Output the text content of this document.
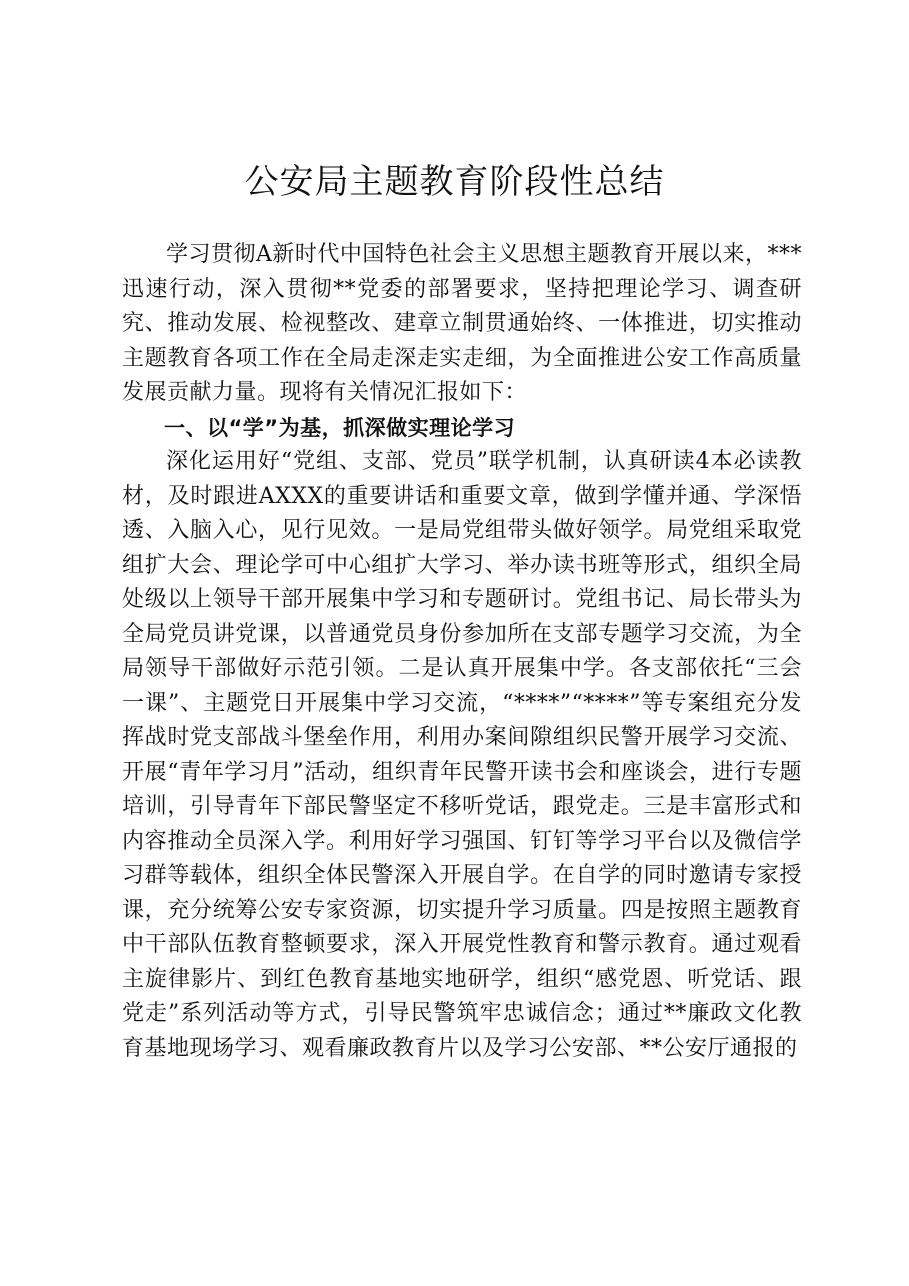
公安局主题教育阶段性总结

学习贯彻A新时代中国特色社会主义思想主题教育开展以来，***迅速行动，深入贯彻**党委的部署要求，坚持把理论学习、调查研究、推动发展、检视整改、建章立制贯通始终、一体推进，切实推动主题教育各项工作在全局走深走实走细，为全面推进公安工作高质量发展贡献力量。现将有关情况汇报如下：

一、以“学”为基，抓深做实理论学习

深化运用好“党组、支部、党员”联学机制，认真研读4本必读教材，及时跟进AXXX的重要讲话和重要文章，做到学懂并通、学深悟透、入脑入心，见行见效。一是局党组带头做好领学。局党组采取党组扩大会、理论学可中心组扩大学习、举办读书班等形式，组织全局处级以上领导干部开展集中学习和专题研讨。党组书记、局长带头为全局党员讲党课，以普通党员身份参加所在支部专题学习交流，为全局领导干部做好示范引领。二是认真开展集中学。各支部依托“三会一课”、主题党日开展集中学习交流，“****”“****”等专案组充分发挥战时党支部战斗堡垒作用，利用办案间隙组织民警开展学习交流、开展“青年学习月”活动，组织青年民警开读书会和座谈会，进行专题培训，引导青年下部民警坚定不移听党话，跟党走。三是丰富形式和内容推动全员深入学。利用好学习强国、钉钉等学习平台以及微信学习群等载体，组织全体民警深入开展自学。在自学的同时邀请专家授课，充分统筹公安专家资源，切实提升学习质量。四是按照主题教育中干部队伍教育整顿要求，深入开展党性教育和警示教育。通过观看主旋律影片、到红色教育基地实地研学，组织“感党恩、听党话、跟党走”系列活动等方式，引导民警筑牢忠诚信念；通过**廉政文化教育基地现场学习、观看廉政教育片以及学习公安部、**公安厅通报的
